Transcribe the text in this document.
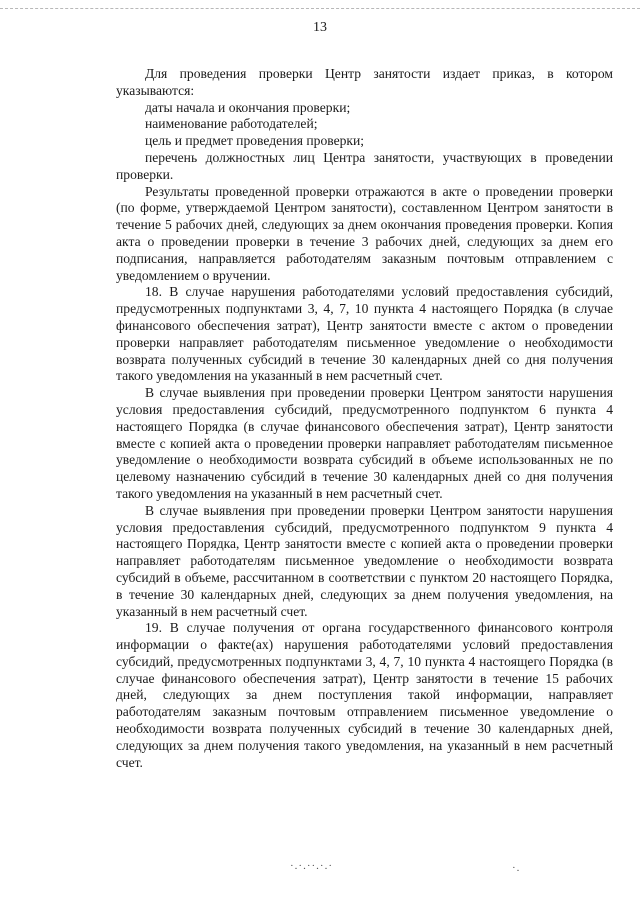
13

Для проведения проверки Центр занятости издает приказ, в котором указываются:

даты начала и окончания проверки;

наименование работодателей;

цель и предмет проведения проверки;

перечень должностных лиц Центра занятости, участвующих в проведении проверки.

Результаты проведенной проверки отражаются в акте о проведении проверки (по форме, утверждаемой Центром занятости), составленном Центром занятости в течение 5 рабочих дней, следующих за днем окончания проведения проверки. Копия акта о проведении проверки в течение 3 рабочих дней, следующих за днем его подписания, направляется работодателям заказным почтовым отправлением с уведомлением о вручении.

18. В случае нарушения работодателями условий предоставления субсидий, предусмотренных подпунктами 3, 4, 7, 10 пункта 4 настоящего Порядка (в случае финансового обеспечения затрат), Центр занятости вместе с актом о проведении проверки направляет работодателям письменное уведомление о необходимости возврата полученных субсидий в течение 30 календарных дней со дня получения такого уведомления на указанный в нем расчетный счет.

В случае выявления при проведении проверки Центром занятости нарушения условия предоставления субсидий, предусмотренного подпунктом 6 пункта 4 настоящего Порядка (в случае финансового обеспечения затрат), Центр занятости вместе с копией акта о проведении проверки направляет работодателям письменное уведомление о необходимости возврата субсидий в объеме использованных не по целевому назначению субсидий в течение 30 календарных дней со дня получения такого уведомления на указанный в нем расчетный счет.

В случае выявления при проведении проверки Центром занятости нарушения условия предоставления субсидий, предусмотренного подпунктом 9 пункта 4 настоящего Порядка, Центр занятости вместе с копией акта о проведении проверки направляет работодателям письменное уведомление о необходимости возврата субсидий в объеме, рассчитанном в соответствии с пунктом 20 настоящего Порядка, в течение 30 календарных дней, следующих за днем получения уведомления, на указанный в нем расчетный счет.

19. В случае получения от органа государственного финансового контроля информации о факте(ах) нарушения работодателями условий предоставления субсидий, предусмотренных подпунктами 3, 4, 7, 10 пункта 4 настоящего Порядка (в случае финансового обеспечения затрат), Центр занятости в течение 15 рабочих дней, следующих за днем поступления такой информации, направляет работодателям заказным почтовым отправлением письменное уведомление о необходимости возврата полученных субсидий в течение 30 календарных дней, следующих за днем получения такого уведомления, на указанный в нем расчетный счет.

·.·.··.·.·	·.
